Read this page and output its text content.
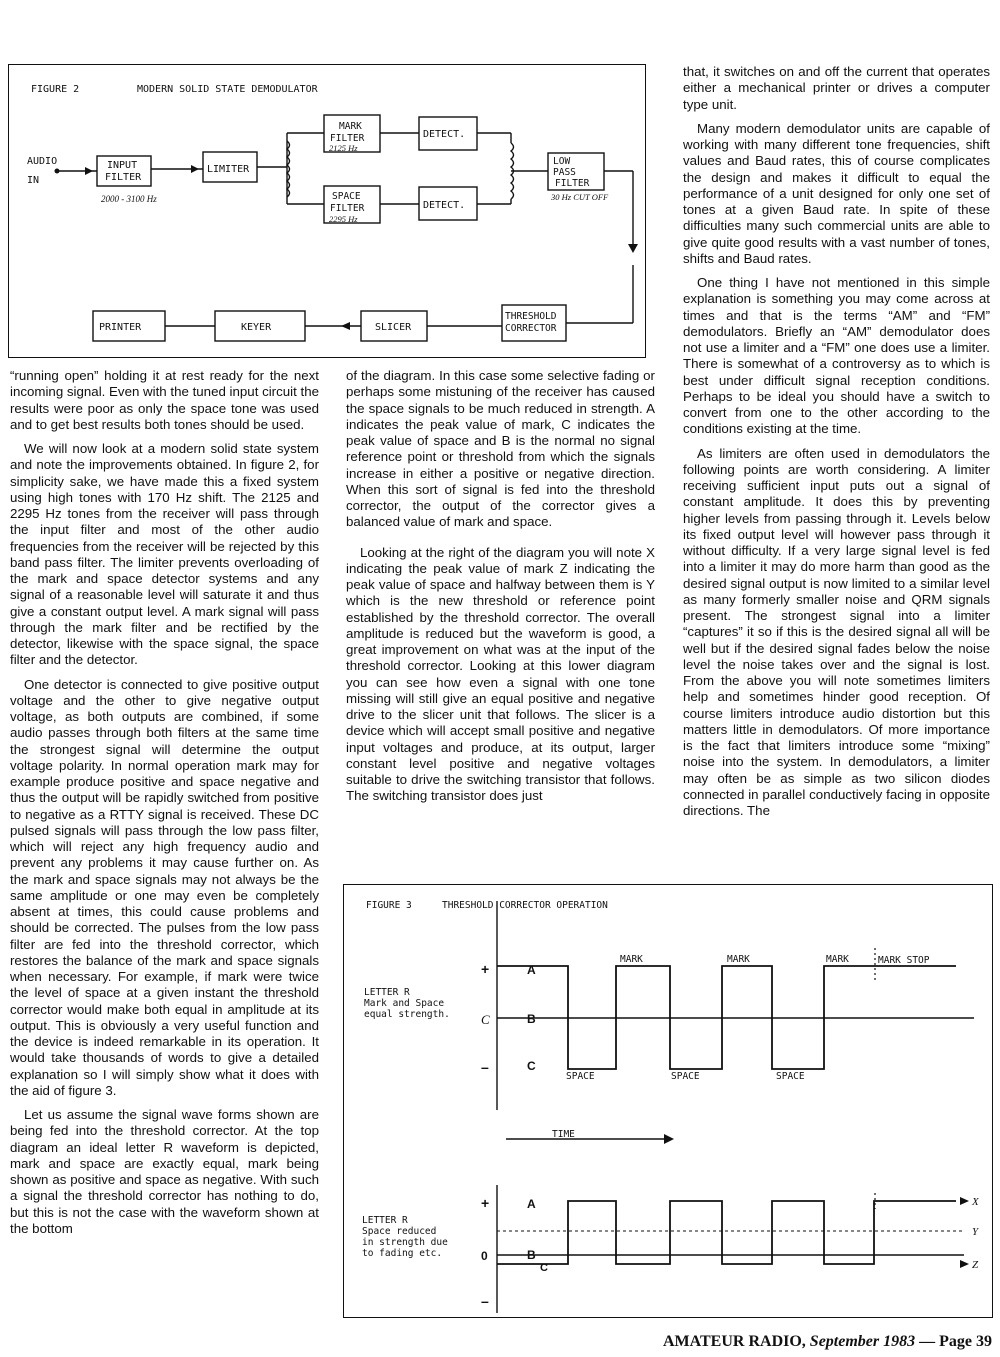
FIGURE 2	MODERN SOLID STATE DEMODULATOR
AUDIO
IN
INPUT
FILTER
2000 - 3100 Hz
LIMITER
MARK
FILTER
2125 Hz
SPACE
FILTER
2295 Hz
DETECT.
DETECT.
LOW
PASS
FILTER
30 Hz CUT OFF
THRESHOLD
CORRECTOR
SLICER
KEYER
PRINTER
FIGURE 3	THRESHOLD CORRECTOR OPERATION
LETTER R
Mark and Space
equal strength.
+
C
–
A
B
C
MARK	MARK	MARK	MARK STOP
SPACE	SPACE	SPACE
TIME
LETTER R
Space reduced
in strength due
to fading etc.
+
0
–
A
B
C
X
Y
Z

“running open” holding it at rest ready for the next incoming signal. Even with the tuned input circuit the results were poor as only the space tone was used and to get best results both tones should be used.

We will now look at a modern solid state system and note the improvements obtained. In figure 2, for simplicity sake, we have made this a fixed system using high tones with 170 Hz shift. The 2125 and 2295 Hz tones from the receiver will pass through the input filter and most of the other audio frequencies from the receiver will be rejected by this band pass filter. The limiter prevents overloading of the mark and space detector systems and any signal of a reasonable level will saturate it and thus give a constant output level. A mark signal will pass through the mark filter and be rectified by the detector, likewise with the space signal, the space filter and the detector.

One detector is connected to give positive output voltage and the other to give negative output voltage, as both outputs are combined, if some audio passes through both filters at the same time the strongest signal will determine the output voltage polarity. In normal operation mark may for example produce positive and space negative and thus the output will be rapidly switched from positive to negative as a RTTY signal is received. These DC pulsed signals will pass through the low pass filter, which will reject any high frequency audio and prevent any problems it may cause further on. As the mark and space signals may not always be the same amplitude or one may even be completely absent at times, this could cause problems and should be corrected. The pulses from the low pass filter are fed into the threshold corrector, which restores the balance of the mark and space signals when necessary. For example, if mark were twice the level of space at a given instant the threshold corrector would make both equal in amplitude at its output. This is obviously a very useful function and the device is indeed remarkable in its operation. It would take thousands of words to give a detailed explanation so I will simply show what it does with the aid of figure 3.

Let us assume the signal wave forms shown are being fed into the threshold corrector. At the top diagram an ideal letter R waveform is depicted, mark and space are exactly equal, mark being shown as positive and space as negative. With such a signal the threshold corrector has nothing to do, but this is not the case with the waveform shown at the bottom

of the diagram. In this case some selective fading or perhaps some mistuning of the receiver has caused the space signals to be much reduced in strength. A indicates the peak value of mark, C indicates the peak value of space and B is the normal no signal reference point or threshold from which the signals increase in either a positive or negative direction. When this sort of signal is fed into the threshold corrector, the output of the corrector gives a balanced value of mark and space.

Looking at the right of the diagram you will note X indicating the peak value of mark Z indicating the peak value of space and halfway between them is Y which is the new threshold or reference point established by the threshold corrector. The overall amplitude is reduced but the waveform is good, a great improvement on what was at the input of the threshold corrector. Looking at this lower diagram you can see how even a signal with one tone missing will still give an equal positive and negative drive to the slicer unit that follows. The slicer is a device which will accept small positive and negative input voltages and produce, at its output, larger constant level positive and negative voltages suitable to drive the switching transistor that follows. The switching transistor does just

that, it switches on and off the current that operates either a mechanical printer or drives a computer type unit.

Many modern demodulator units are capable of working with many different tone frequencies, shift values and Baud rates, this of course complicates the design and makes it difficult to equal the performance of a unit designed for only one set of tones at a given Baud rate. In spite of these difficulties many such commercial units are able to give quite good results with a vast number of tones, shifts and Baud rates.

One thing I have not mentioned in this simple explanation is something you may come across at times and that is the terms “AM” and “FM” demodulators. Briefly an “AM” demodulator does not use a limiter and a “FM” one does use a limiter. There is somewhat of a controversy as to which is best under difficult signal reception conditions. Perhaps to be ideal you should have a switch to convert from one to the other according to the conditions existing at the time.

As limiters are often used in demodulators the following points are worth considering. A limiter receiving sufficient input puts out a signal of constant amplitude. It does this by preventing higher levels from passing through it. Levels below its fixed output level will however pass through it without difficulty. If a very large signal level is fed into a limiter it may do more harm than good as the desired signal output is now limited to a similar level as many formerly smaller noise and QRM signals present. The strongest signal into a limiter “captures” it so if this is the desired signal all will be well but if the desired signal fades below the noise level the noise takes over and the signal is lost. From the above you will note sometimes limiters help and sometimes hinder good reception. Of course limiters introduce audio distortion but this matters little in demodulators. Of more importance is the fact that limiters introduce some “mixing” noise into the system. In demodulators, a limiter may often be as simple as two silicon diodes connected in parallel conductively facing in opposite directions. The

AMATEUR RADIO, September 1983 — Page 39
